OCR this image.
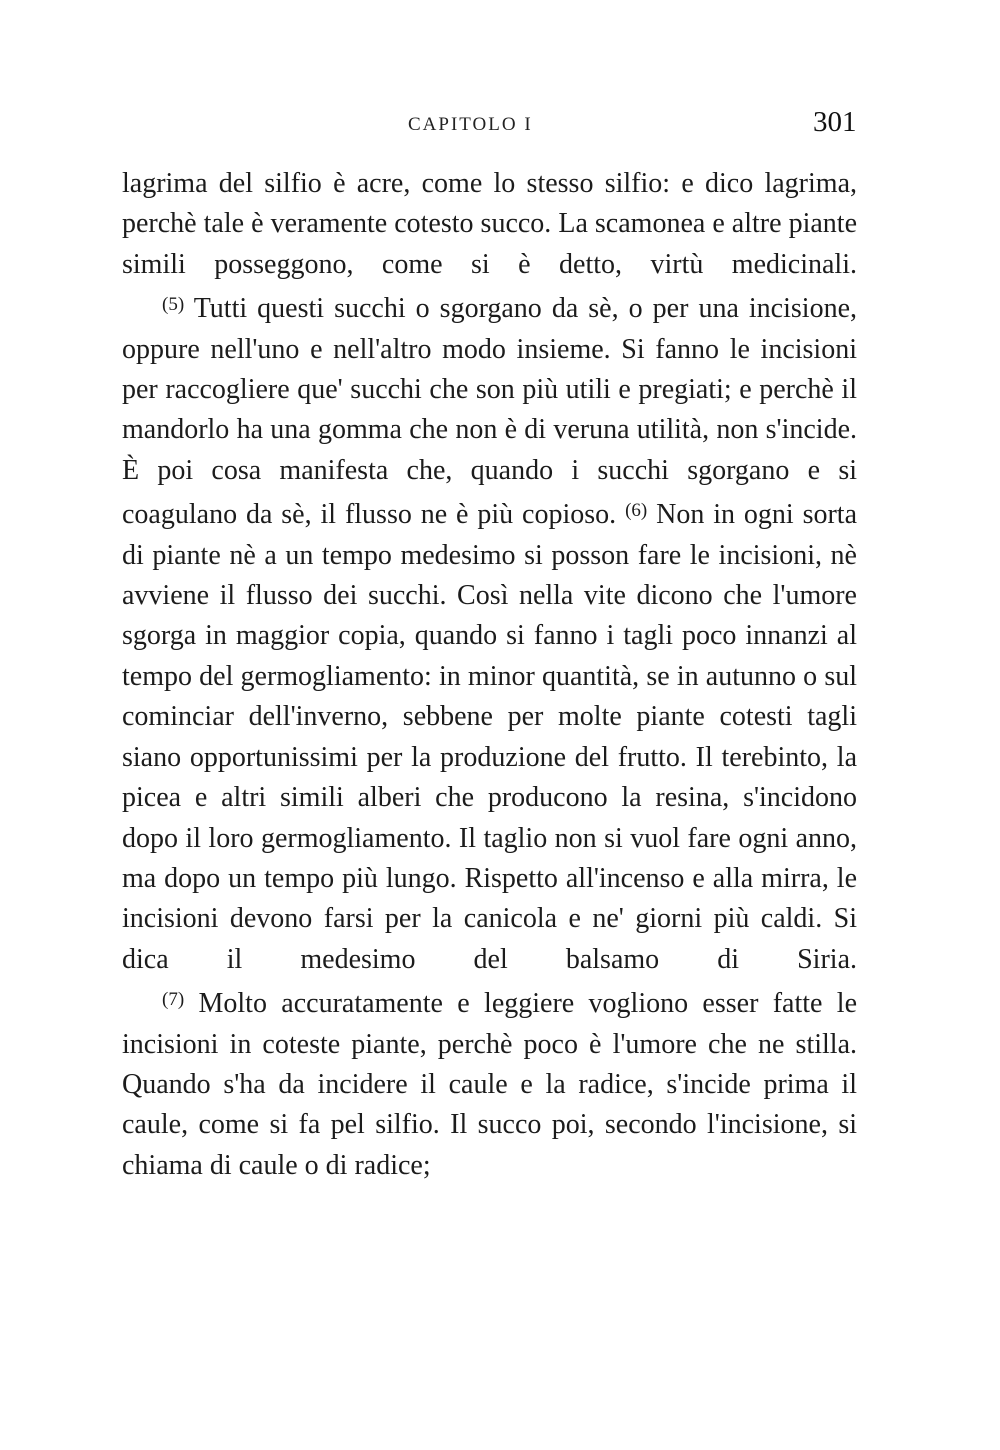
CAPITOLO I	301

lagrima del silfio è acre, come lo stesso silfio: e dico lagrima, perchè tale è veramente cotesto succo. La scamonea e altre piante simili posseggono, come si è detto, virtù medicinali.

$^{(5)}$ Tutti questi succhi o sgorgano da sè, o per una incisione, oppure nell'uno e nell'altro modo insieme. Si fanno le incisioni per raccogliere que' succhi che son più utili e pregiati; e perchè il mandorlo ha una gomma che non è di veruna utilità, non s'incide. È poi cosa manifesta che, quando i succhi sgorgano e si coagulano da sè, il flusso ne è più copioso. $^{(6)}$ Non in ogni sorta di piante nè a un tempo medesimo si posson fare le incisioni, nè avviene il flusso dei succhi. Così nella vite dicono che l'umore sgorga in maggior copia, quando si fanno i tagli poco innanzi al tempo del germogliamento: in minor quantità, se in autunno o sul cominciar dell'inverno, sebbene per molte piante cotesti tagli siano opportunissimi per la produzione del frutto. Il terebinto, la picea e altri simili alberi che producono la resina, s'incidono dopo il loro germogliamento. Il taglio non si vuol fare ogni anno, ma dopo un tempo più lungo. Rispetto all'incenso e alla mirra, le incisioni devono farsi per la canicola e ne' giorni più caldi. Si dica il medesimo del balsamo di Siria.

$^{(7)}$ Molto accuratamente e leggiere vogliono esser fatte le incisioni in coteste piante, perchè poco è l'umore che ne stilla. Quando s'ha da incidere il caule e la radice, s'incide prima il caule, come si fa pel silfio. Il succo poi, secondo l'incisione, si chiama di caule o di radice;
